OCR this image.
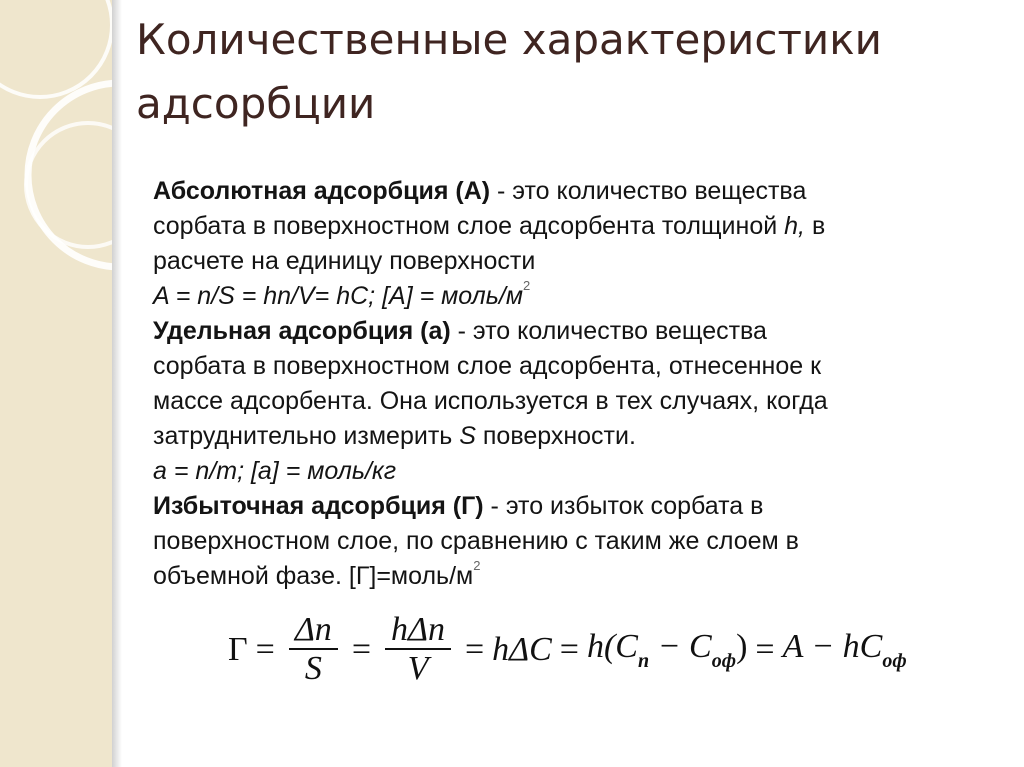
Количественные характеристики
адсорбции
Абсолютная адсорбция (А) - это количество вещества
сорбата в поверхностном слое адсорбента толщиной h, в
расчете на единицу поверхности
A = n/S = hn/V= hC; [A] = моль/$м^2$
Удельная адсорбция (а) - это количество вещества
сорбата в поверхностном слое адсорбента, отнесенное к
массе адсорбента. Она используется в тех случаях, когда
затруднительно измерить S поверхности.
a = n/m; [a] = моль/кг
Избыточная адсорбция (Г) - это избыток сорбата в
поверхностном слое, по сравнению с таким же слоем в
объемной фазе. $[Г]=моль/м^2$
$Г = \frac{\Delta n}{S} = \frac{\text{hΔn}}{V} = h\Delta C = h(C_n - C_{оф}) = A - hC_{оф}$
